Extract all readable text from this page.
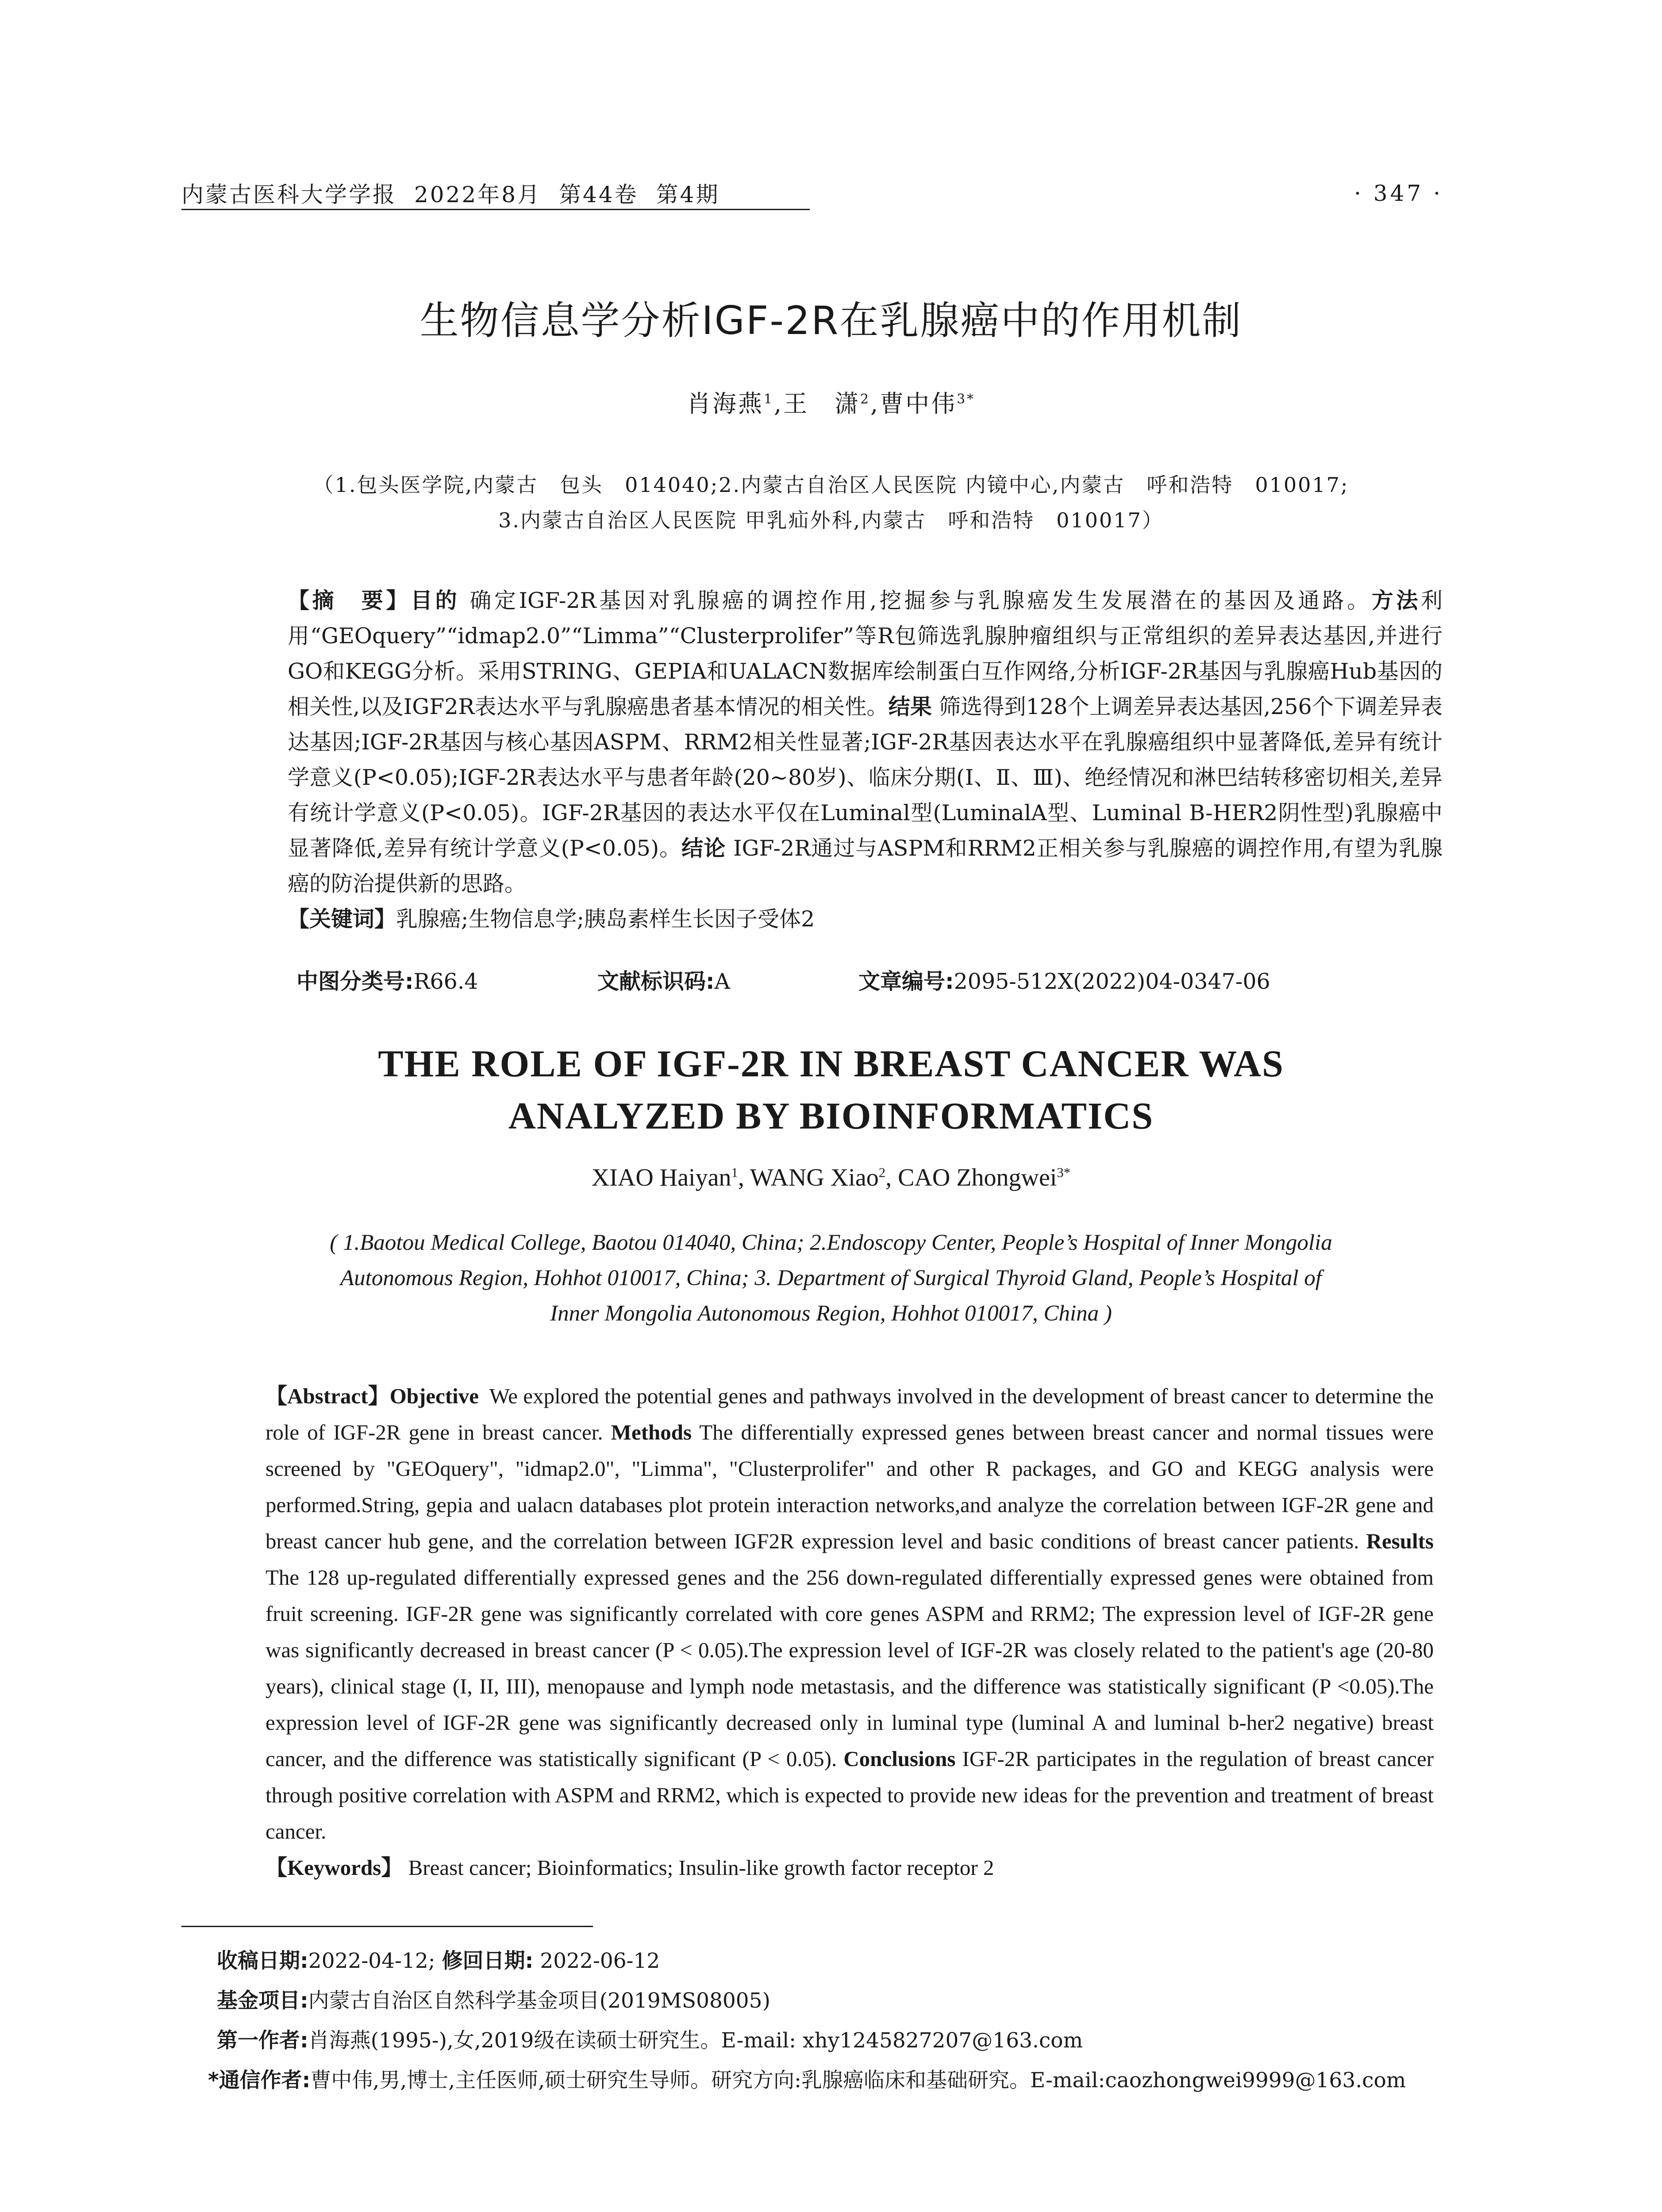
内蒙古医科大学学报 2022年8月 第44卷 第4期	· 347 ·
生物信息学分析IGF-2R在乳腺癌中的作用机制
肖海燕$^1$,王　潇$^2$,曹中伟$^{3*}$
（1.包头医学院,内蒙古　包头　014040;2.内蒙古自治区人民医院 内镜中心,内蒙古　呼和浩特　010017;
3.内蒙古自治区人民医院 甲乳疝外科,内蒙古　呼和浩特　010017）
【摘　要】目的 确定IGF-2R基因对乳腺癌的调控作用,挖掘参与乳腺癌发生发展潜在的基因及通路。方法利用“GEOquery”“idmap2.0”“Limma”“Clusterprolifer”等R包筛选乳腺肿瘤组织与正常组织的差异表达基因,并进行GO和KEGG分析。采用STRING、GEPIA和UALACN数据库绘制蛋白互作网络,分析IGF-2R基因与乳腺癌Hub基因的相关性,以及IGF2R表达水平与乳腺癌患者基本情况的相关性。结果 筛选得到128个上调差异表达基因,256个下调差异表达基因;IGF-2R基因与核心基因ASPM、RRM2相关性显著;IGF-2R基因表达水平在乳腺癌组织中显著降低,差异有统计学意义(P<0.05);IGF-2R表达水平与患者年龄(20~80岁)、临床分期(Ⅰ、Ⅱ、Ⅲ)、绝经情况和淋巴结转移密切相关,差异有统计学意义(P<0.05)。IGF-2R基因的表达水平仅在Luminal型(LuminalA型、Luminal B-HER2阴性型)乳腺癌中显著降低,差异有统计学意义(P<0.05)。结论 IGF-2R通过与ASPM和RRM2正相关参与乳腺癌的调控作用,有望为乳腺癌的防治提供新的思路。
【关键词】乳腺癌;生物信息学;胰岛素样生长因子受体2
中图分类号:R66.4	文献标识码:A	文章编号:2095-512X(2022)04-0347-06
THE ROLE OF IGF-2R IN BREAST CANCER WAS
ANALYZED BY BIOINFORMATICS
XIAO Haiyan$^1$, WANG Xiao$^2$, CAO Zhongwei$^{3*}$
( 1.Baotou Medical College, Baotou 014040, China; 2.Endoscopy Center, People’s Hospital of Inner Mongolia
Autonomous Region, Hohhot 010017, China; 3. Department of Surgical Thyroid Gland, People’s Hospital of
Inner Mongolia Autonomous Region, Hohhot 010017, China )
【Abstract】Objective We explored the potential genes and pathways involved in the development of breast cancer to determine the role of IGF-2R gene in breast cancer. Methods The differentially expressed genes between breast cancer and normal tissues were screened by "GEOquery", "idmap2.0", "Limma", "Clusterprolifer" and other R packages, and GO and KEGG analysis were performed.String, gepia and ualacn databases plot protein interaction networks,and analyze the correlation between IGF-2R gene and breast cancer hub gene, and the correlation between IGF2R expression level and basic conditions of breast cancer patients. Results The 128 up-regulated differentially expressed genes and the 256 down-regulated differentially expressed genes were obtained from fruit screening. IGF-2R gene was significantly correlated with core genes ASPM and RRM2; The expression level of IGF-2R gene was significantly decreased in breast cancer (P < 0.05).The expression level of IGF-2R was closely related to the patient's age (20-80 years), clinical stage (I, II, III), menopause and lymph node metastasis, and the difference was statistically significant (P <0.05).The expression level of IGF-2R gene was significantly decreased only in luminal type (luminal A and luminal b-her2 negative) breast cancer, and the difference was statistically significant (P < 0.05). Conclusions IGF-2R participates in the regulation of breast cancer through positive correlation with ASPM and RRM2, which is expected to provide new ideas for the prevention and treatment of breast cancer.
【Keywords】 Breast cancer; Bioinformatics; Insulin-like growth factor receptor 2
收稿日期:2022-04-12; 修回日期: 2022-06-12
基金项目:内蒙古自治区自然科学基金项目(2019MS08005)
第一作者:肖海燕(1995-),女,2019级在读硕士研究生。E-mail: xhy1245827207@163.com
*通信作者:曹中伟,男,博士,主任医师,硕士研究生导师。研究方向:乳腺癌临床和基础研究。E-mail:caozhongwei9999@163.com
